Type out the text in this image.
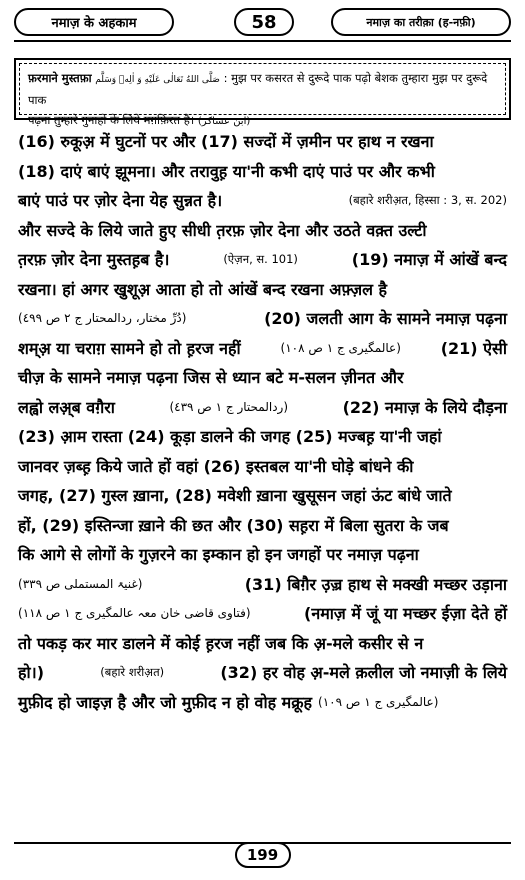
नमाज़ के अहकाम	58	नमाज़ का तरीक़ा (ह-नफ़ी)
फ़रमाने मुस्तफ़ा صَلَّى اللهُ تَعَالٰی عَلَیْهِ وَ اٰلِهٖ وَسَلَّم : मुझ पर कसरत से दुरूदे पाक पढ़ो बेशक तुम्हारा मुझ पर दुरूदे पाक
पढ़ना तुम्हारे गुनाहों के लिये मग़फ़िरत है। (ابن عساکر)
(16) रुकूअ़ में घुटनों पर और (17) सज्दों में ज़मीन पर हाथ न रखना
(18) दाएं बाएं झूमना। और तरावुह़ या'नी कभी दाएं पाउं पर और कभी
बाएं पाउं पर ज़ोर देना येह सुन्नत है।	(बहारे शरीअ़त, हिस्सा : 3, स. 202)
और सज्दे के लिये जाते हुए सीधी त़रफ़ ज़ोर देना और उठते वक़्त उल्टी
त़रफ़ ज़ोर देना मुस्तह़ब है।	(ऐज़न, स. 101)	(19) नमाज़ में आंखें बन्द
रखना। हां अगर खुशूअ़ आता हो तो आंखें बन्द रखना अफ़्ज़ल है
(دُرِّ مختار، ردالمحتار ج ٢ ص ٤٩٩)	(20) जलती आग के सामने नमाज़ पढ़ना
शम्अ़ या चराग़ सामने हो तो ह़रज नहीं	(عالمگیری ج ١ ص ١٠٨) (21) ऐसी
चीज़ के सामने नमाज़ पढ़ना जिस से ध्यान बटे म-सलन ज़ीनत और
लह्वो लअ़्ब वग़ैरा	(ردالمحتار ج ١ ص ٤٣٩)	(22) नमाज़ के लिये दौड़ना
(23) आ़म रास्ता (24) कूड़ा डालने की जगह (25) मज्बह़ या'नी जहां
जानवर ज़ब्ह़ किये जाते हों वहां (26) इस्तबल या'नी घोड़े बांधने की
जगह, (27) गुस्ल ख़ाना, (28) मवेशी ख़ाना खुसूसन जहां ऊंट बांधे जाते
हों, (29) इस्तिन्जा ख़ाने की छत और (30) सह़रा में बिला सुतरा के जब
कि आगे से लोगों के गुज़रने का इम्कान हो इन जगहों पर नमाज़ पढ़ना
(غنیۃ المستملی ص ٣٣٩)	(31) बिग़ैर उ़ज़्र हाथ से मक्खी मच्छर उड़ाना
(فتاوی قاضی خان معہ عالمگیری ج ١ ص ١١٨)	(नमाज़ में जूं या मच्छर ईज़ा देते हों
तो पकड़ कर मार डालने में कोई ह़रज नहीं जब कि अ़-मले कसीर से न
हो।)	(बहारे शरीअ़त)	(32) हर वोह अ़-मले क़लील जो नमाज़ी के लिये
मुफ़ीद हो जाइज़ है और जो मुफ़ीद न हो वोह मक्रूह (عالمگیری ج ١ ص ١٠٩)
199
